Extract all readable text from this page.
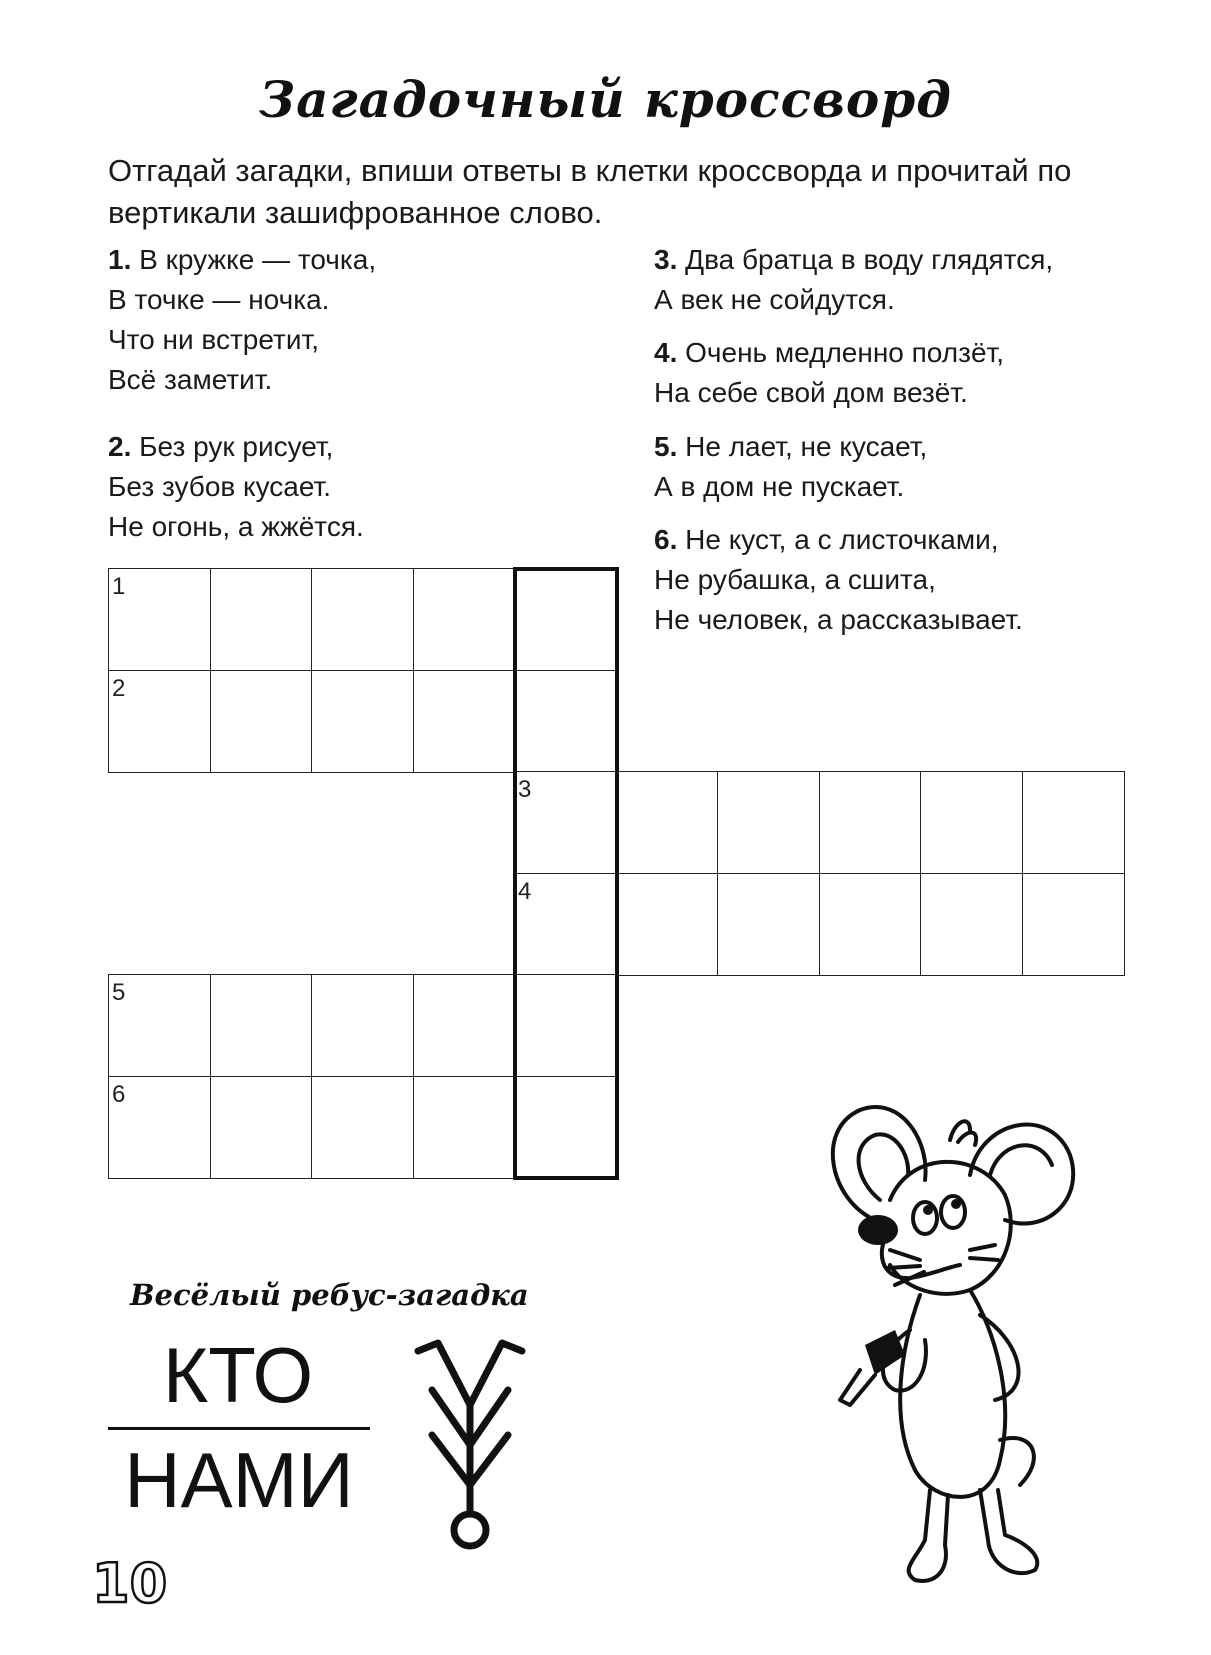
Загадочный кроссворд
Отгадай загадки, впиши ответы в клетки кроссворда и прочитай по вертикали зашифрованное слово.
1. В кружке — точка,
В точке — ночка.
Что ни встретит,
Всё заметит.
2. Без рук рисует,
Без зубов кусает.
Не огонь, а жжётся.
3. Два братца в воду глядятся,
А век не сойдутся.
4. Очень медленно ползёт,
На себе свой дом везёт.
5. Не лает, не кусает,
А в дом не пускает.
6. Не куст, а с листочками,
Не рубашка, а сшита,
Не человек, а рассказывает.
1
2
3
4
5
6
Весёлый ребус-загадка
КТО
НАМИ
10
